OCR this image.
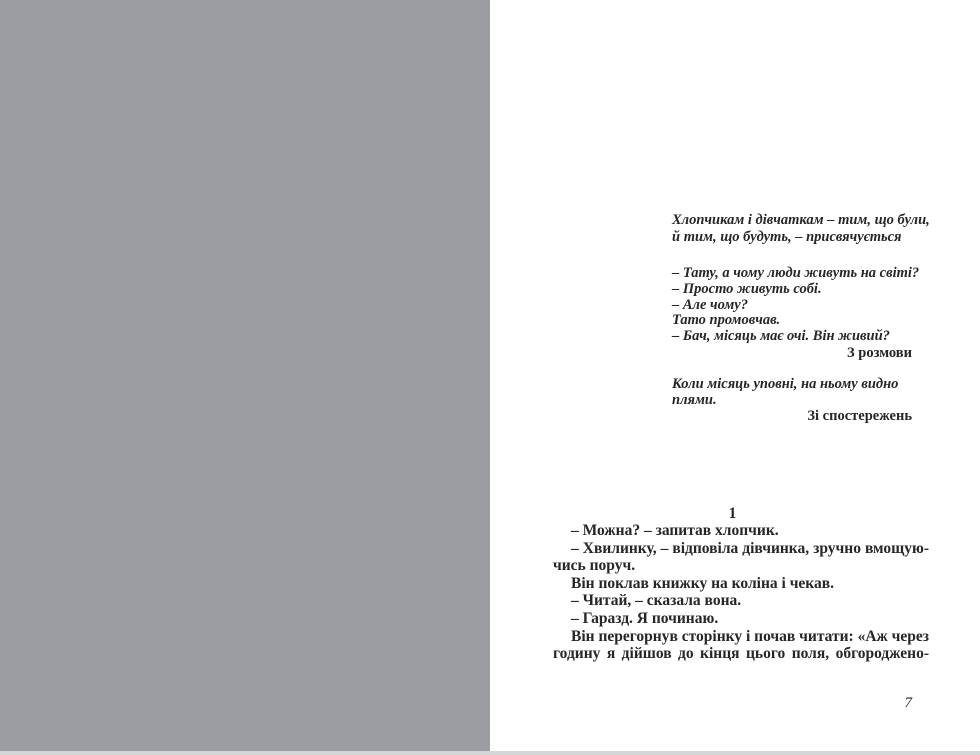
Хлопчикам і дівчаткам – тим, що були,
й тим, що будуть, – присвячується
– Тату, а чому люди живуть на світі?
– Просто живуть собі.
– Але чому?
Тато промовчав.
– Бач, місяць має очі. Він живий?
З розмови
Коли місяць уповні, на ньому видно
плями.
Зі спостережень
1
– Можна? – запитав хлопчик.
– Хвилинку, – відповіла дівчинка, зручно вмощую-
чись поруч.
Він поклав книжку на коліна і чекав.
– Читай, – сказала вона.
– Гаразд. Я починаю.
Він перегорнув сторінку і почав читати: «Аж через
годину я дійшов до кінця цього поля, обгороджено-
7
